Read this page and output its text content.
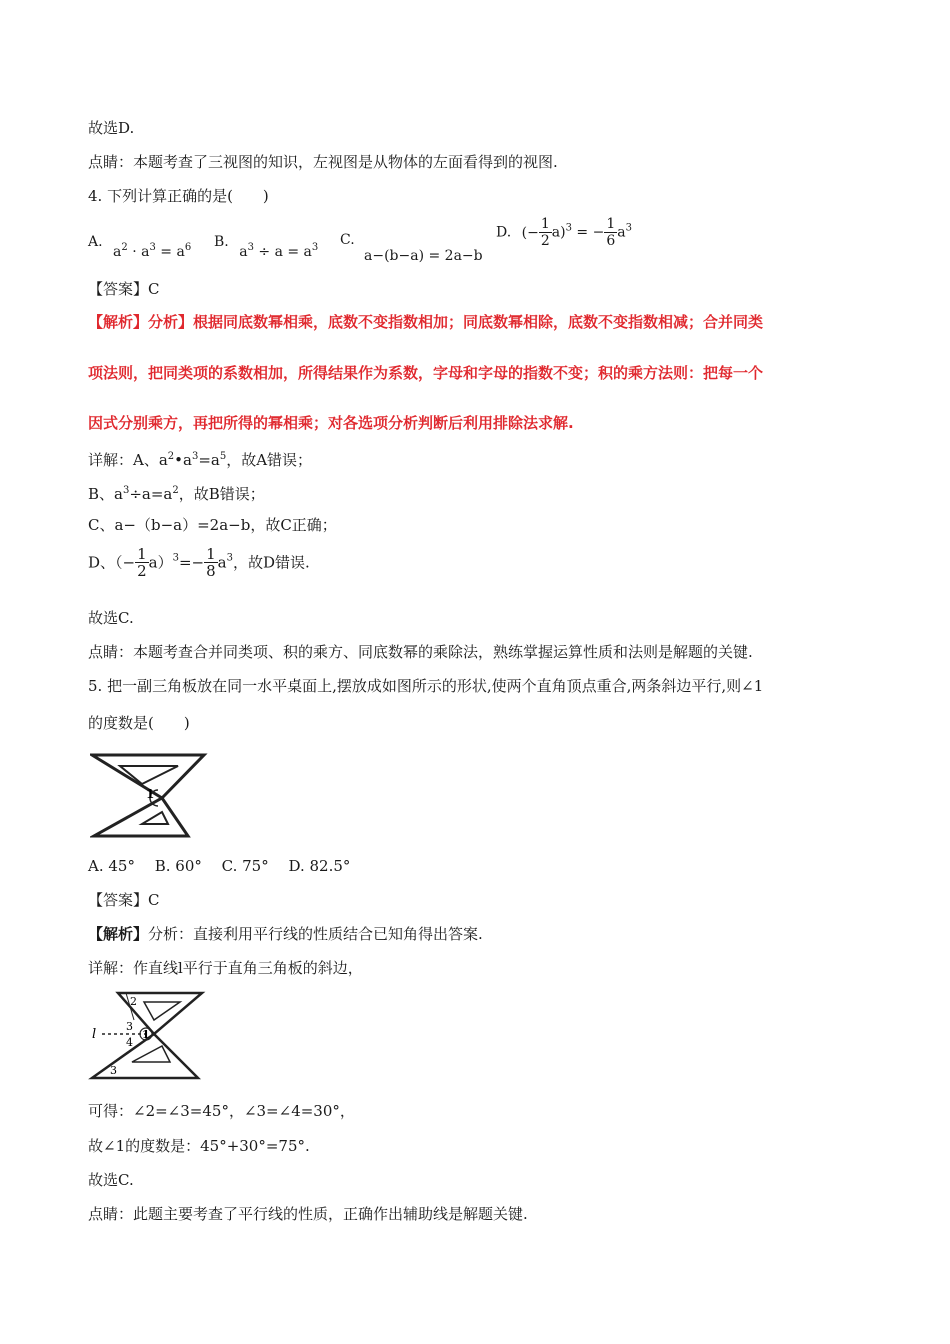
故选D.
点睛：本题考查了三视图的知识，左视图是从物体的左面看得到的视图.
4. 下列计算正确的是(　　)
A. $a^2 \cdot a^3 = a^6$ B. $a^3 \div a = a^3$ C.
a−(b−a) = 2a−b
D. (− $\frac{1}{2} a)^3$ = − $\frac{1}{6} a^3$
【答案】C
【解析】分析】根据同底数幂相乘，底数不变指数相加；同底数幂相除，底数不变指数相减；合并同类
项法则，把同类项的系数相加，所得结果作为系数，字母和字母的指数不变；积的乘方法则：把每一个
因式分别乘方，再把所得的幂相乘；对各选项分析判断后利用排除法求解.
详解：A、$a^2•a^3=a^5$，故A错误；
B、$a^3\div a=a^2$，故B错误；
C、a−（b−a）=2a−b，故C正确；
D、（− $\frac{1}{2} a)^3=- \frac{1}{8} a^3$，故D错误.
故选C.
点睛：本题考查合并同类项、积的乘方、同底数幂的乘除法，熟练掌握运算性质和法则是解题的关键.
5. 把一副三角板放在同一水平桌面上,摆放成如图所示的形状,使两个直角顶点重合,两条斜边平行,则∠1
的度数是(　　)
1
A. 45°　 B. 60°　 C. 75°　 D. 82.5°
【答案】C
【解析】分析：直接利用平行线的性质结合已知角得出答案.
详解：作直线l平行于直角三角板的斜边，
l	1
2
3
4
3
可得：∠2=∠3=45°，∠3=∠4=30°，
故∠1的度数是：45°+30°=75°.
故选C.
点睛：此题主要考查了平行线的性质，正确作出辅助线是解题关键.
